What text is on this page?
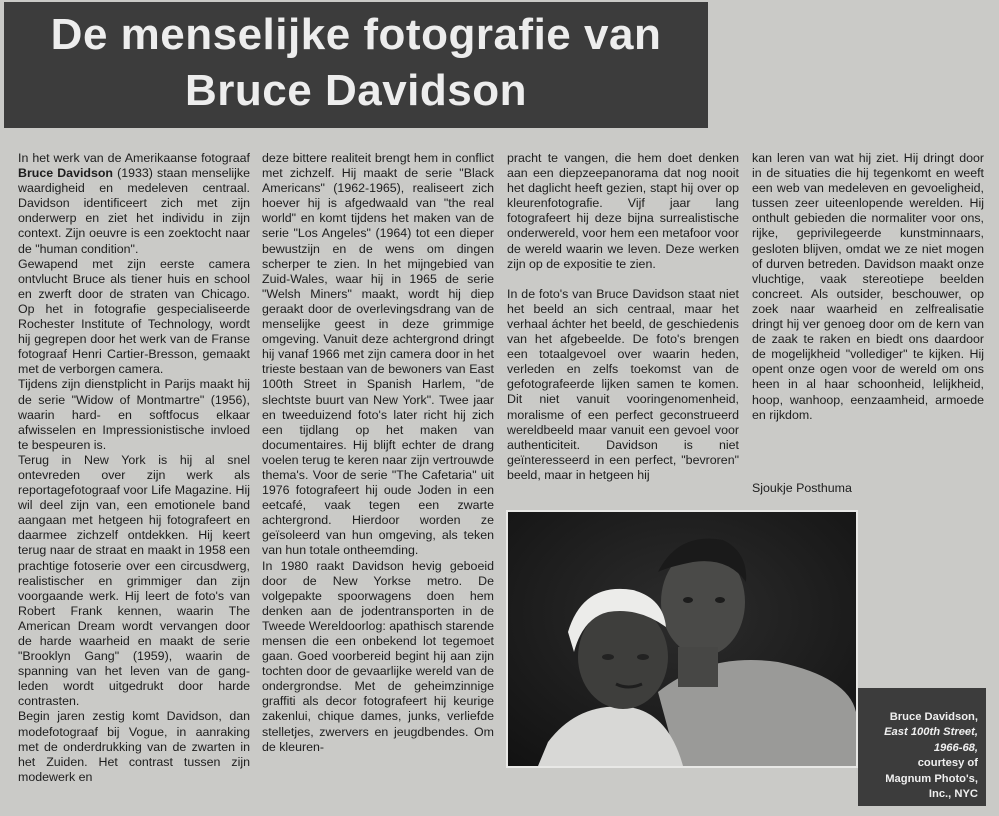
De menselijke fotografie van
Bruce Davidson

In het werk van de Amerikaanse fotograaf Bruce Davidson (1933) staan menselijke waardigheid en medeleven centraal. Davidson identificeert zich met zijn onderwerp en ziet het individu in zijn context. Zijn oeuvre is een zoektocht naar de "human condition".

Gewapend met zijn eerste camera ontvlucht Bruce als tiener huis en school en zwerft door de straten van Chicago. Op het in fotografie gespecialiseerde Rochester Institute of Technology, wordt hij gegrepen door het werk van de Franse fotograaf Henri Cartier-Bresson, gemaakt met de verborgen camera.

Tijdens zijn dienstplicht in Parijs maakt hij de serie "Widow of Montmartre" (1956), waarin hard- en softfocus elkaar afwisselen en Impressionistische invloed te bespeuren is.

Terug in New York is hij al snel ontevreden over zijn werk als reportagefotograaf voor Life Magazine. Hij wil deel zijn van, een emotionele band aangaan met hetgeen hij fotografeert en daarmee zichzelf ontdekken. Hij keert terug naar de straat en maakt in 1958 een prachtige fotoserie over een circusdwerg, realistischer en grimmiger dan zijn voorgaande werk. Hij leert de foto's van Robert Frank kennen, waarin The American Dream wordt vervangen door de harde waarheid en maakt de serie "Brooklyn Gang" (1959), waarin de spanning van het leven van de gang-leden wordt uitgedrukt door harde contrasten.

Begin jaren zestig komt Davidson, dan modefotograaf bij Vogue, in aanraking met de onderdrukking van de zwarten in het Zuiden. Het contrast tussen zijn modewerk en

deze bittere realiteit brengt hem in conflict met zichzelf. Hij maakt de serie "Black Americans" (1962-1965), realiseert zich hoever hij is afgedwaald van "the real world" en komt tijdens het maken van de serie "Los Angeles" (1964) tot een dieper bewustzijn en de wens om dingen scherper te zien. In het mijngebied van Zuid-Wales, waar hij in 1965 de serie "Welsh Miners" maakt, wordt hij diep geraakt door de overlevingsdrang van de menselijke geest in deze grimmige omgeving. Vanuit deze achtergrond dringt hij vanaf 1966 met zijn camera door in het trieste bestaan van de bewoners van East 100th Street in Spanish Harlem, "de slechtste buurt van New York". Twee jaar en tweeduizend foto's later richt hij zich een tijdlang op het maken van documentaires. Hij blijft echter de drang voelen terug te keren naar zijn vertrouwde thema's. Voor de serie "The Cafetaria" uit 1976 fotografeert hij oude Joden in een eetcafé, vaak tegen een zwarte achtergrond. Hierdoor worden ze geïsoleerd van hun omgeving, als teken van hun totale ontheemding.

In 1980 raakt Davidson hevig geboeid door de New Yorkse metro. De volgepakte spoorwagens doen hem denken aan de jodentransporten in de Tweede Wereldoorlog: apathisch starende mensen die een onbekend lot tegemoet gaan. Goed voorbereid begint hij aan zijn tochten door de gevaarlijke wereld van de ondergrondse. Met de geheimzinnige graffiti als decor fotografeert hij keurige zakenlui, chique dames, junks, verliefde stelletjes, zwervers en jeugdbendes. Om de kleuren-

pracht te vangen, die hem doet denken aan een diepzeepanorama dat nog nooit het daglicht heeft gezien, stapt hij over op kleurenfotografie. Vijf jaar lang fotografeert hij deze bijna surrealistische onderwereld, voor hem een metafoor voor de wereld waarin we leven. Deze werken zijn op de expositie te zien.

In de foto's van Bruce Davidson staat niet het beeld an sich centraal, maar het verhaal áchter het beeld, de geschiedenis van het afgebeelde. De foto's brengen een totaalgevoel over waarin heden, verleden en zelfs toekomst van de gefotografeerde lijken samen te komen. Dit niet vanuit vooringenomenheid, moralisme of een perfect geconstrueerd wereldbeeld maar vanuit een gevoel voor authenticiteit. Davidson is niet geïnteresseerd in een perfect, "bevroren" beeld, maar in hetgeen hij

kan leren van wat hij ziet. Hij dringt door in de situaties die hij tegenkomt en weeft een web van medeleven en gevoeligheid, tussen zeer uiteenlopende werelden. Hij onthult gebieden die normaliter voor ons, rijke, geprivilegeerde kunstminnaars, gesloten blijven, omdat we ze niet mogen of durven betreden. Davidson maakt onze vluchtige, vaak stereotiepe beelden concreet. Als outsider, beschouwer, op zoek naar waarheid en zelfrealisatie dringt hij ver genoeg door om de kern van de zaak te raken en biedt ons daardoor de mogelijkheid "vollediger" te kijken. Hij opent onze ogen voor de wereld om ons heen in al haar schoonheid, lelijkheid, hoop, wanhoop, eenzaamheid, armoede en rijkdom.

Sjoukje Posthuma
Bruce Davidson,
East 100th Street,
1966-68,
courtesy of
Magnum Photo's,
Inc., NYC
